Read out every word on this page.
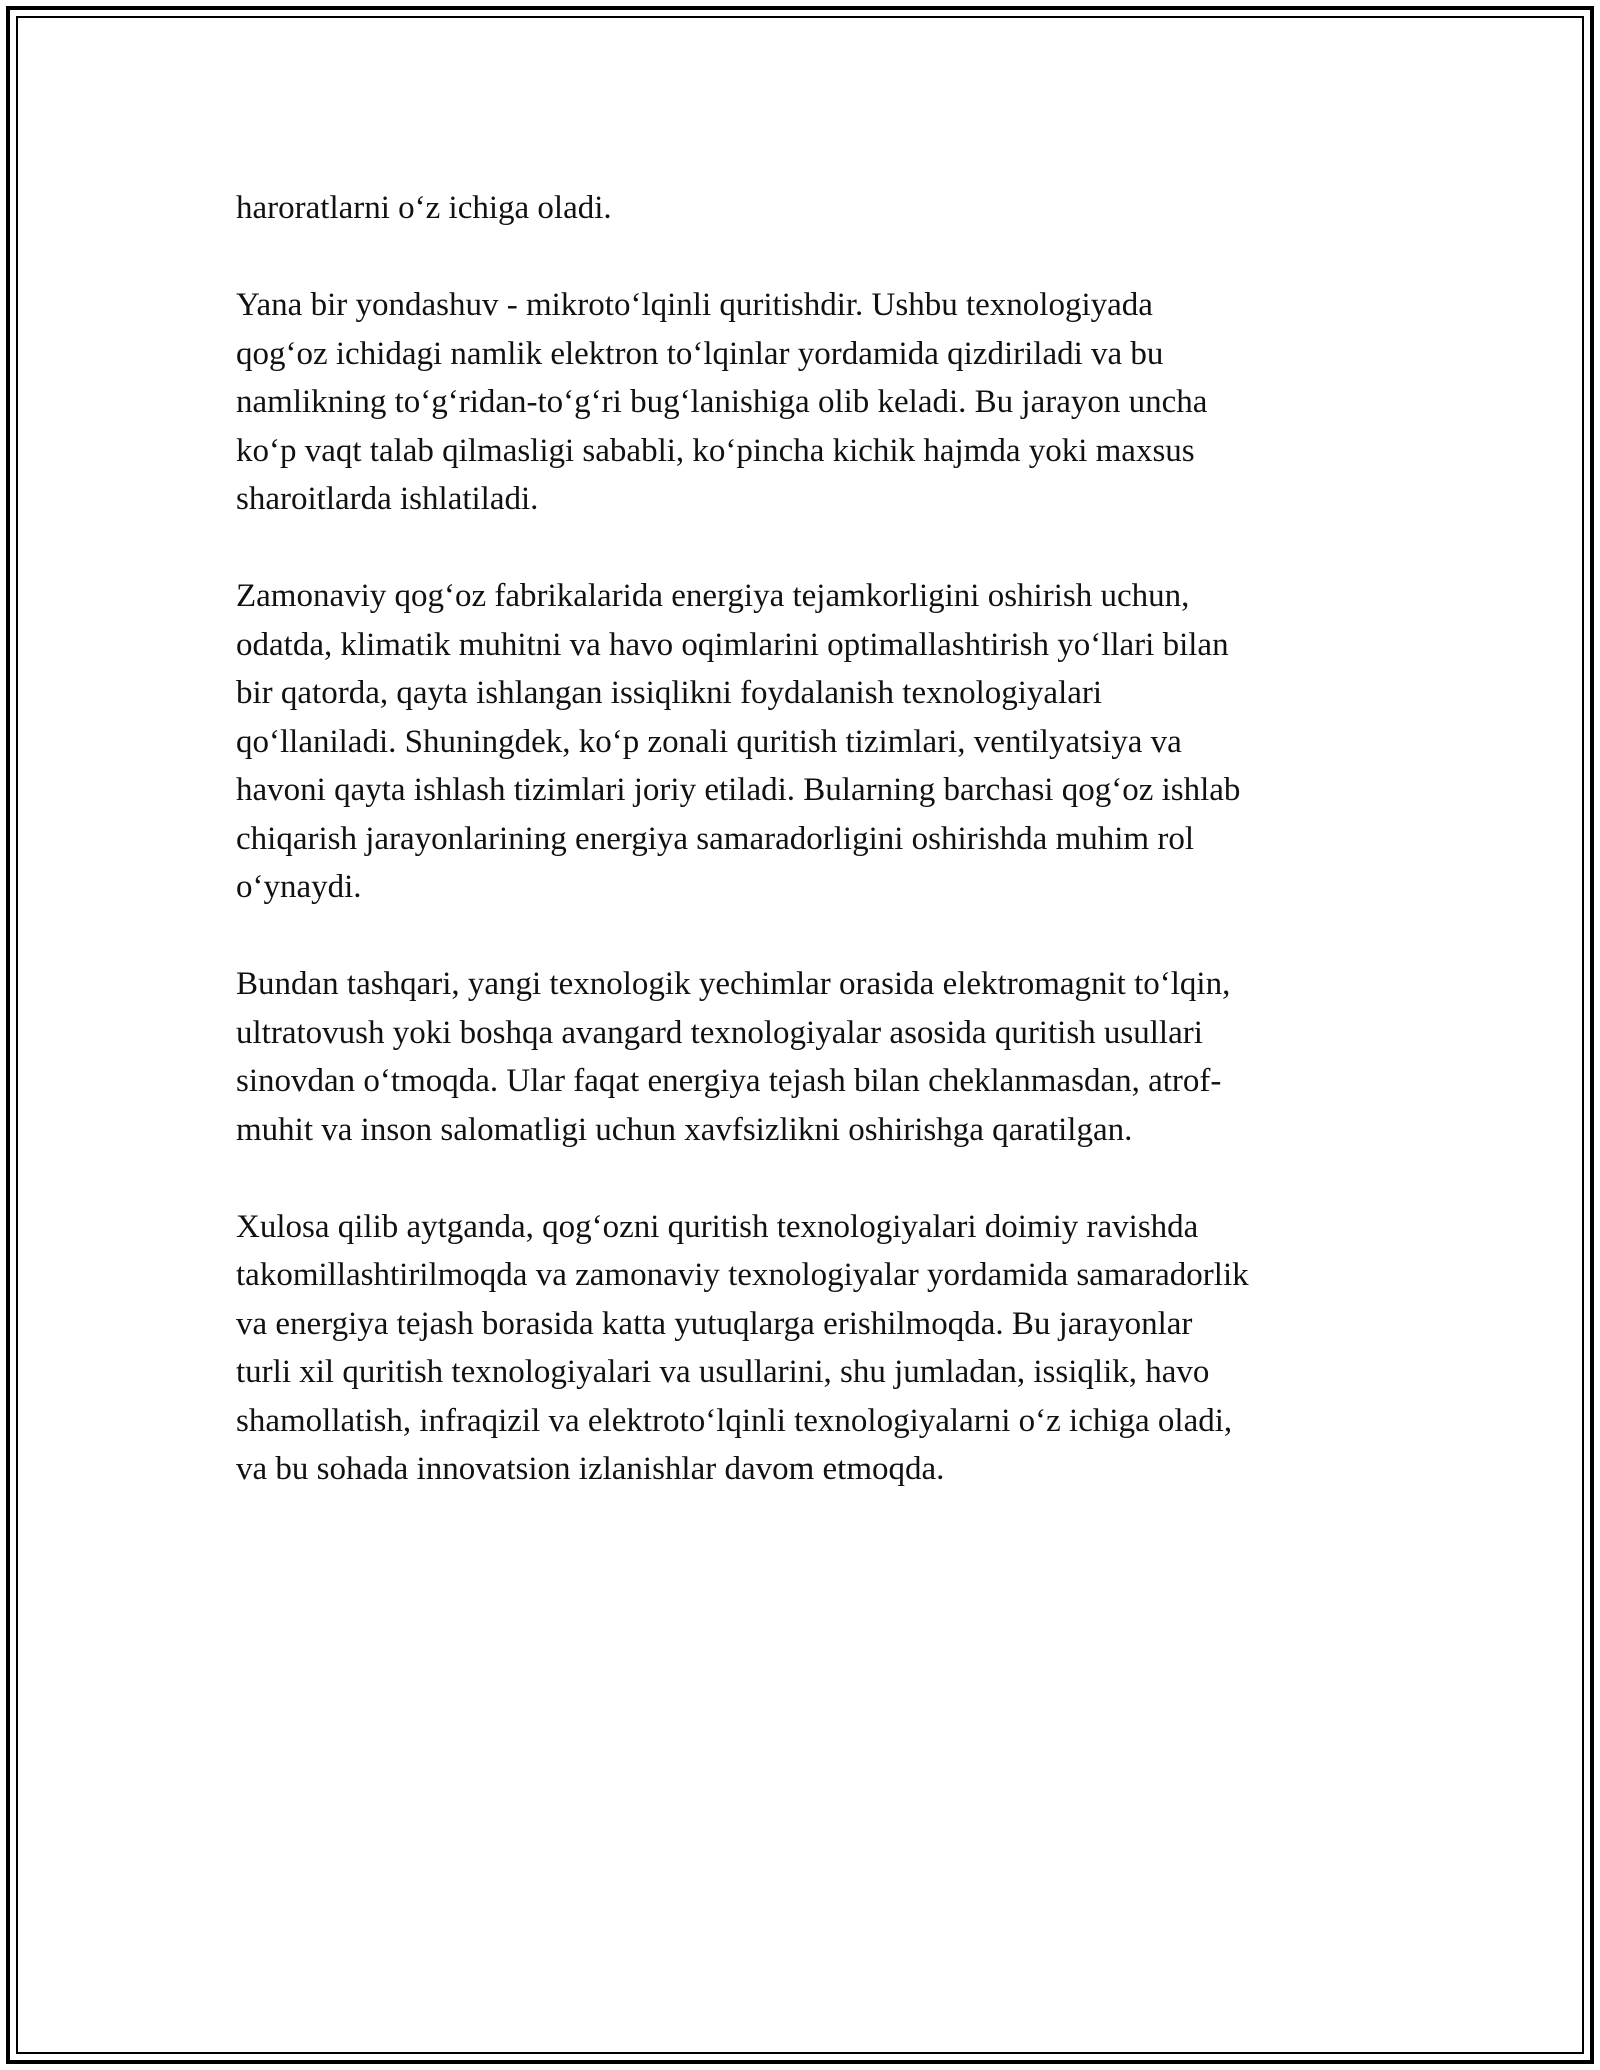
haroratlarni o‘z ichiga oladi.

Yana bir yondashuv - mikroto‘lqinli quritishdir. Ushbu texnologiyada
qog‘oz ichidagi namlik elektron to‘lqinlar yordamida qizdiriladi va bu
namlikning to‘g‘ridan-to‘g‘ri bug‘lanishiga olib keladi. Bu jarayon uncha
ko‘p vaqt talab qilmasligi sababli, ko‘pincha kichik hajmda yoki maxsus
sharoitlarda ishlatiladi.

Zamonaviy qog‘oz fabrikalarida energiya tejamkorligini oshirish uchun,
odatda, klimatik muhitni va havo oqimlarini optimallashtirish yo‘llari bilan
bir qatorda, qayta ishlangan issiqlikni foydalanish texnologiyalari
qo‘llaniladi. Shuningdek, ko‘p zonali quritish tizimlari, ventilyatsiya va
havoni qayta ishlash tizimlari joriy etiladi. Bularning barchasi qog‘oz ishlab
chiqarish jarayonlarining energiya samaradorligini oshirishda muhim rol
o‘ynaydi.

Bundan tashqari, yangi texnologik yechimlar orasida elektromagnit to‘lqin,
ultratovush yoki boshqa avangard texnologiyalar asosida quritish usullari
sinovdan o‘tmoqda. Ular faqat energiya tejash bilan cheklanmasdan, atrof-
muhit va inson salomatligi uchun xavfsizlikni oshirishga qaratilgan.

Xulosa qilib aytganda, qog‘ozni quritish texnologiyalari doimiy ravishda
takomillashtirilmoqda va zamonaviy texnologiyalar yordamida samaradorlik
va energiya tejash borasida katta yutuqlarga erishilmoqda. Bu jarayonlar
turli xil quritish texnologiyalari va usullarini, shu jumladan, issiqlik, havo
shamollatish, infraqizil va elektroto‘lqinli texnologiyalarni o‘z ichiga oladi,
va bu sohada innovatsion izlanishlar davom etmoqda.
